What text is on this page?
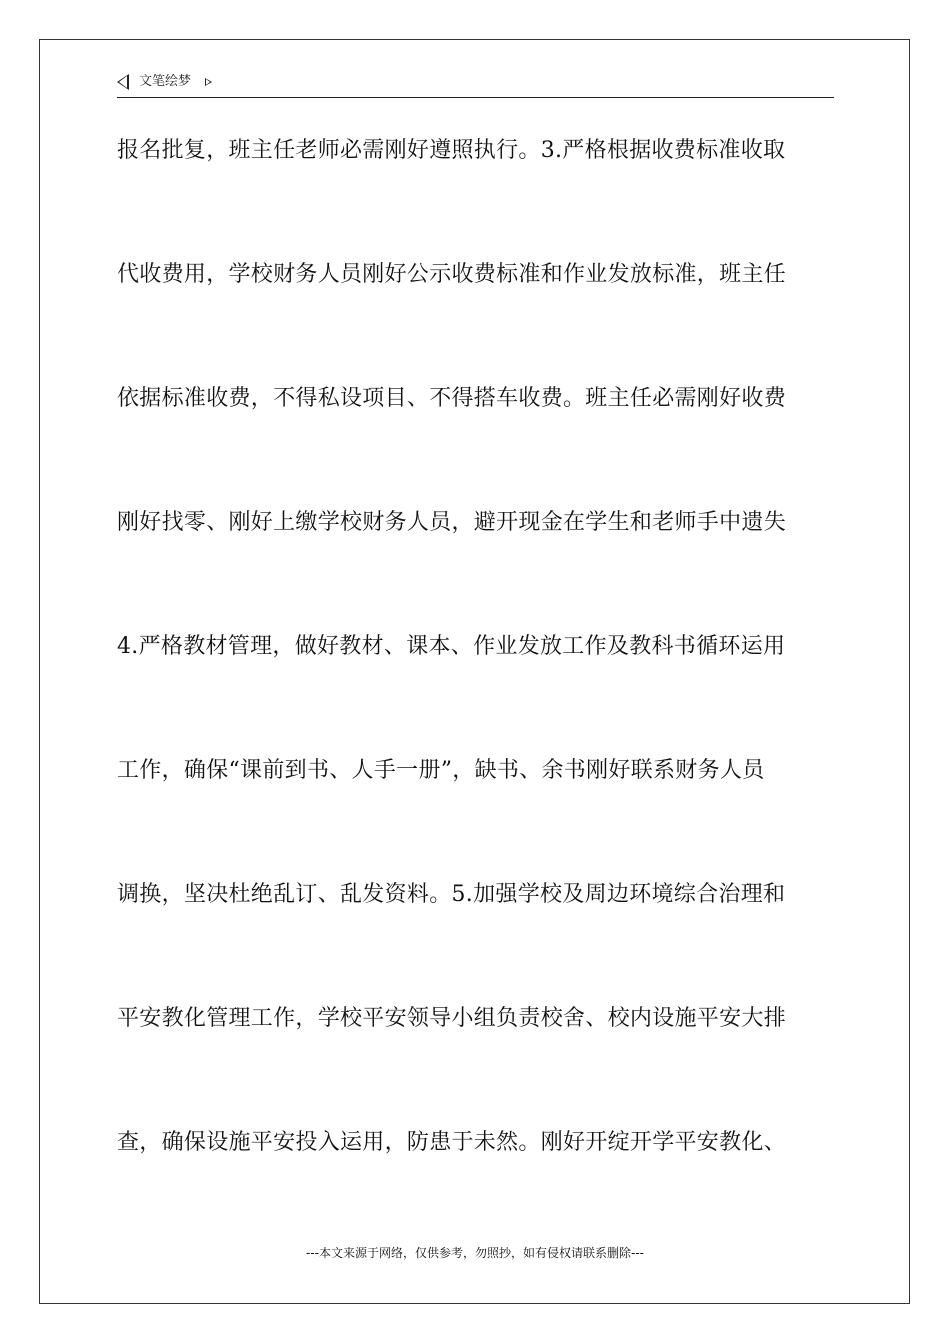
文笔绘梦
报名批复，班主任老师必需刚好遵照执行。3.严格根据收费标准收取
代收费用，学校财务人员刚好公示收费标准和作业发放标准，班主任
依据标准收费，不得私设项目、不得搭车收费。班主任必需刚好收费
刚好找零、刚好上缴学校财务人员，避开现金在学生和老师手中遗失
4.严格教材管理，做好教材、课本、作业发放工作及教科书循环运用
工作，确保“课前到书、人手一册”，缺书、余书刚好联系财务人员
调换，坚决杜绝乱订、乱发资料。5.加强学校及周边环境综合治理和
平安教化管理工作，学校平安领导小组负责校舍、校内设施平安大排
查，确保设施平安投入运用，防患于未然。刚好开绽开学平安教化、
---本文来源于网络，仅供参考，勿照抄，如有侵权请联系删除---
